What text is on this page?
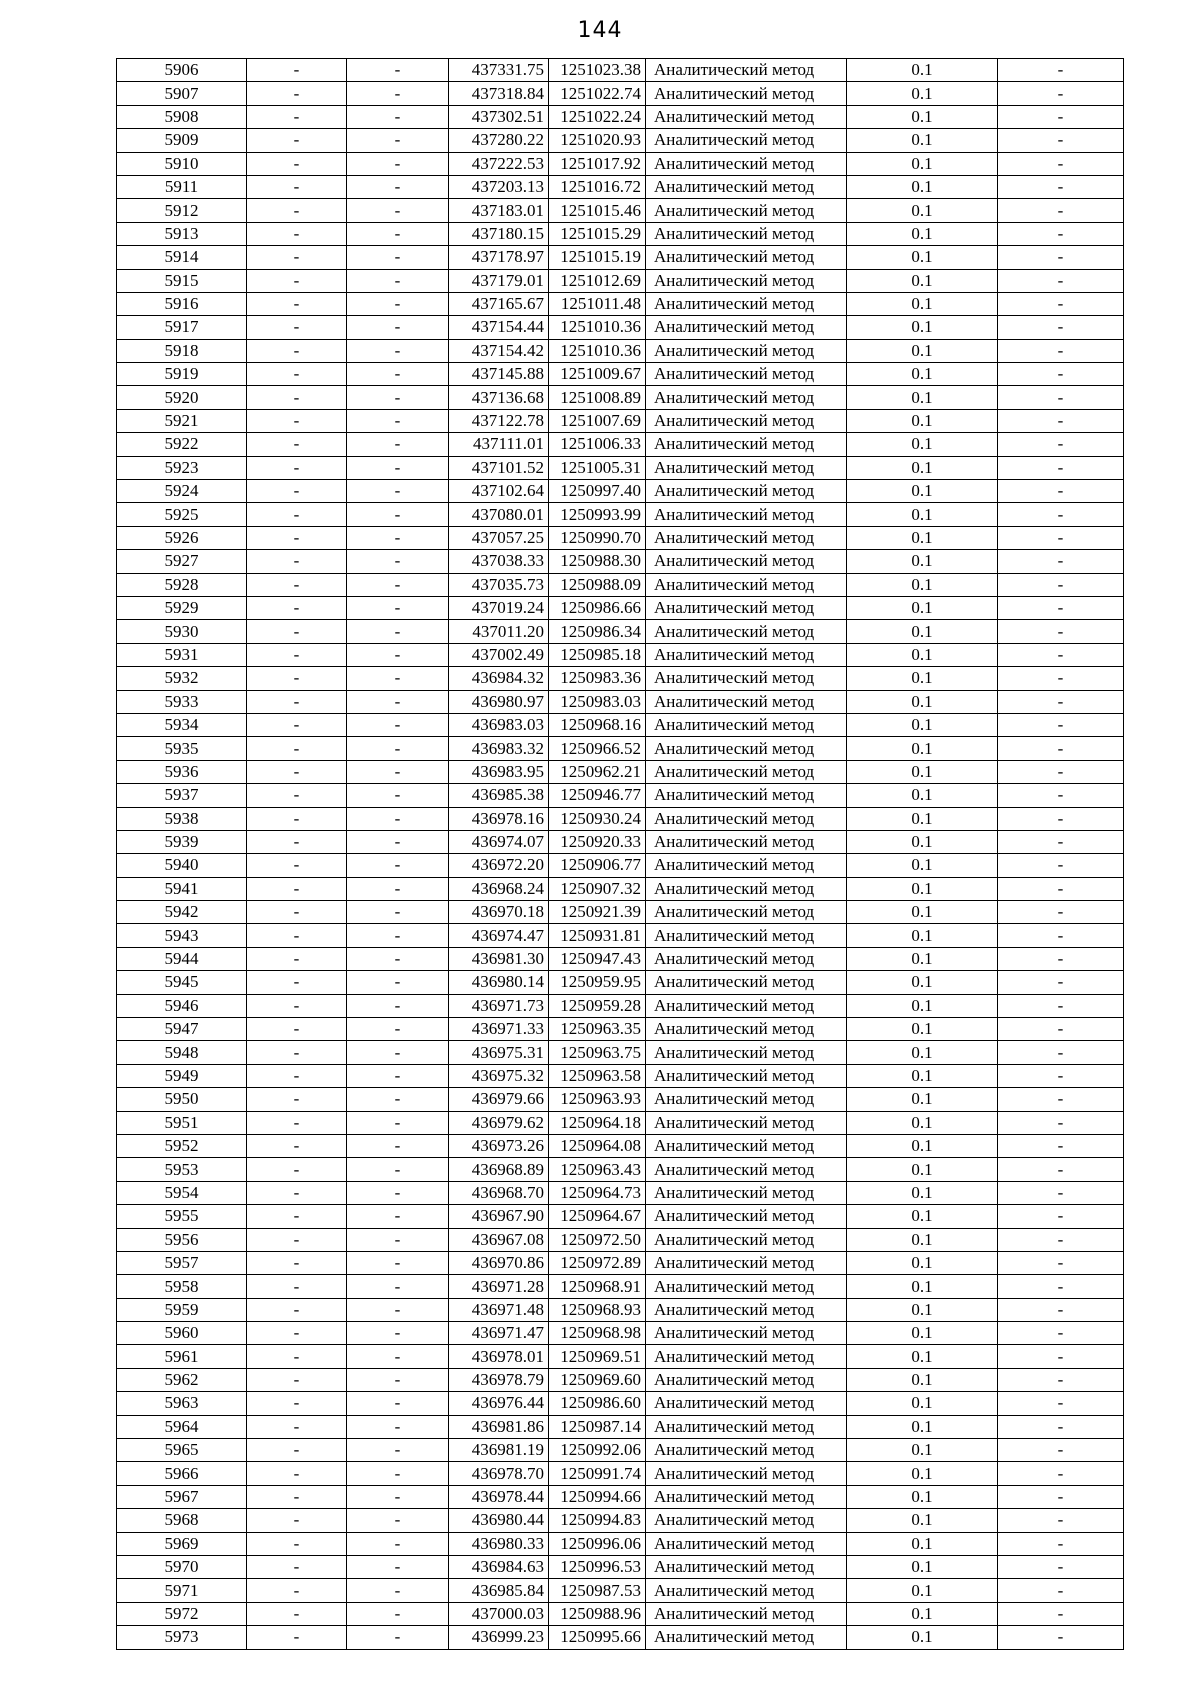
144
5906	-	-	437331.75	1251023.38	Аналитический метод	0.1	-
5907	-	-	437318.84	1251022.74	Аналитический метод	0.1	-
5908	-	-	437302.51	1251022.24	Аналитический метод	0.1	-
5909	-	-	437280.22	1251020.93	Аналитический метод	0.1	-
5910	-	-	437222.53	1251017.92	Аналитический метод	0.1	-
5911	-	-	437203.13	1251016.72	Аналитический метод	0.1	-
5912	-	-	437183.01	1251015.46	Аналитический метод	0.1	-
5913	-	-	437180.15	1251015.29	Аналитический метод	0.1	-
5914	-	-	437178.97	1251015.19	Аналитический метод	0.1	-
5915	-	-	437179.01	1251012.69	Аналитический метод	0.1	-
5916	-	-	437165.67	1251011.48	Аналитический метод	0.1	-
5917	-	-	437154.44	1251010.36	Аналитический метод	0.1	-
5918	-	-	437154.42	1251010.36	Аналитический метод	0.1	-
5919	-	-	437145.88	1251009.67	Аналитический метод	0.1	-
5920	-	-	437136.68	1251008.89	Аналитический метод	0.1	-
5921	-	-	437122.78	1251007.69	Аналитический метод	0.1	-
5922	-	-	437111.01	1251006.33	Аналитический метод	0.1	-
5923	-	-	437101.52	1251005.31	Аналитический метод	0.1	-
5924	-	-	437102.64	1250997.40	Аналитический метод	0.1	-
5925	-	-	437080.01	1250993.99	Аналитический метод	0.1	-
5926	-	-	437057.25	1250990.70	Аналитический метод	0.1	-
5927	-	-	437038.33	1250988.30	Аналитический метод	0.1	-
5928	-	-	437035.73	1250988.09	Аналитический метод	0.1	-
5929	-	-	437019.24	1250986.66	Аналитический метод	0.1	-
5930	-	-	437011.20	1250986.34	Аналитический метод	0.1	-
5931	-	-	437002.49	1250985.18	Аналитический метод	0.1	-
5932	-	-	436984.32	1250983.36	Аналитический метод	0.1	-
5933	-	-	436980.97	1250983.03	Аналитический метод	0.1	-
5934	-	-	436983.03	1250968.16	Аналитический метод	0.1	-
5935	-	-	436983.32	1250966.52	Аналитический метод	0.1	-
5936	-	-	436983.95	1250962.21	Аналитический метод	0.1	-
5937	-	-	436985.38	1250946.77	Аналитический метод	0.1	-
5938	-	-	436978.16	1250930.24	Аналитический метод	0.1	-
5939	-	-	436974.07	1250920.33	Аналитический метод	0.1	-
5940	-	-	436972.20	1250906.77	Аналитический метод	0.1	-
5941	-	-	436968.24	1250907.32	Аналитический метод	0.1	-
5942	-	-	436970.18	1250921.39	Аналитический метод	0.1	-
5943	-	-	436974.47	1250931.81	Аналитический метод	0.1	-
5944	-	-	436981.30	1250947.43	Аналитический метод	0.1	-
5945	-	-	436980.14	1250959.95	Аналитический метод	0.1	-
5946	-	-	436971.73	1250959.28	Аналитический метод	0.1	-
5947	-	-	436971.33	1250963.35	Аналитический метод	0.1	-
5948	-	-	436975.31	1250963.75	Аналитический метод	0.1	-
5949	-	-	436975.32	1250963.58	Аналитический метод	0.1	-
5950	-	-	436979.66	1250963.93	Аналитический метод	0.1	-
5951	-	-	436979.62	1250964.18	Аналитический метод	0.1	-
5952	-	-	436973.26	1250964.08	Аналитический метод	0.1	-
5953	-	-	436968.89	1250963.43	Аналитический метод	0.1	-
5954	-	-	436968.70	1250964.73	Аналитический метод	0.1	-
5955	-	-	436967.90	1250964.67	Аналитический метод	0.1	-
5956	-	-	436967.08	1250972.50	Аналитический метод	0.1	-
5957	-	-	436970.86	1250972.89	Аналитический метод	0.1	-
5958	-	-	436971.28	1250968.91	Аналитический метод	0.1	-
5959	-	-	436971.48	1250968.93	Аналитический метод	0.1	-
5960	-	-	436971.47	1250968.98	Аналитический метод	0.1	-
5961	-	-	436978.01	1250969.51	Аналитический метод	0.1	-
5962	-	-	436978.79	1250969.60	Аналитический метод	0.1	-
5963	-	-	436976.44	1250986.60	Аналитический метод	0.1	-
5964	-	-	436981.86	1250987.14	Аналитический метод	0.1	-
5965	-	-	436981.19	1250992.06	Аналитический метод	0.1	-
5966	-	-	436978.70	1250991.74	Аналитический метод	0.1	-
5967	-	-	436978.44	1250994.66	Аналитический метод	0.1	-
5968	-	-	436980.44	1250994.83	Аналитический метод	0.1	-
5969	-	-	436980.33	1250996.06	Аналитический метод	0.1	-
5970	-	-	436984.63	1250996.53	Аналитический метод	0.1	-
5971	-	-	436985.84	1250987.53	Аналитический метод	0.1	-
5972	-	-	437000.03	1250988.96	Аналитический метод	0.1	-
5973	-	-	436999.23	1250995.66	Аналитический метод	0.1	-
